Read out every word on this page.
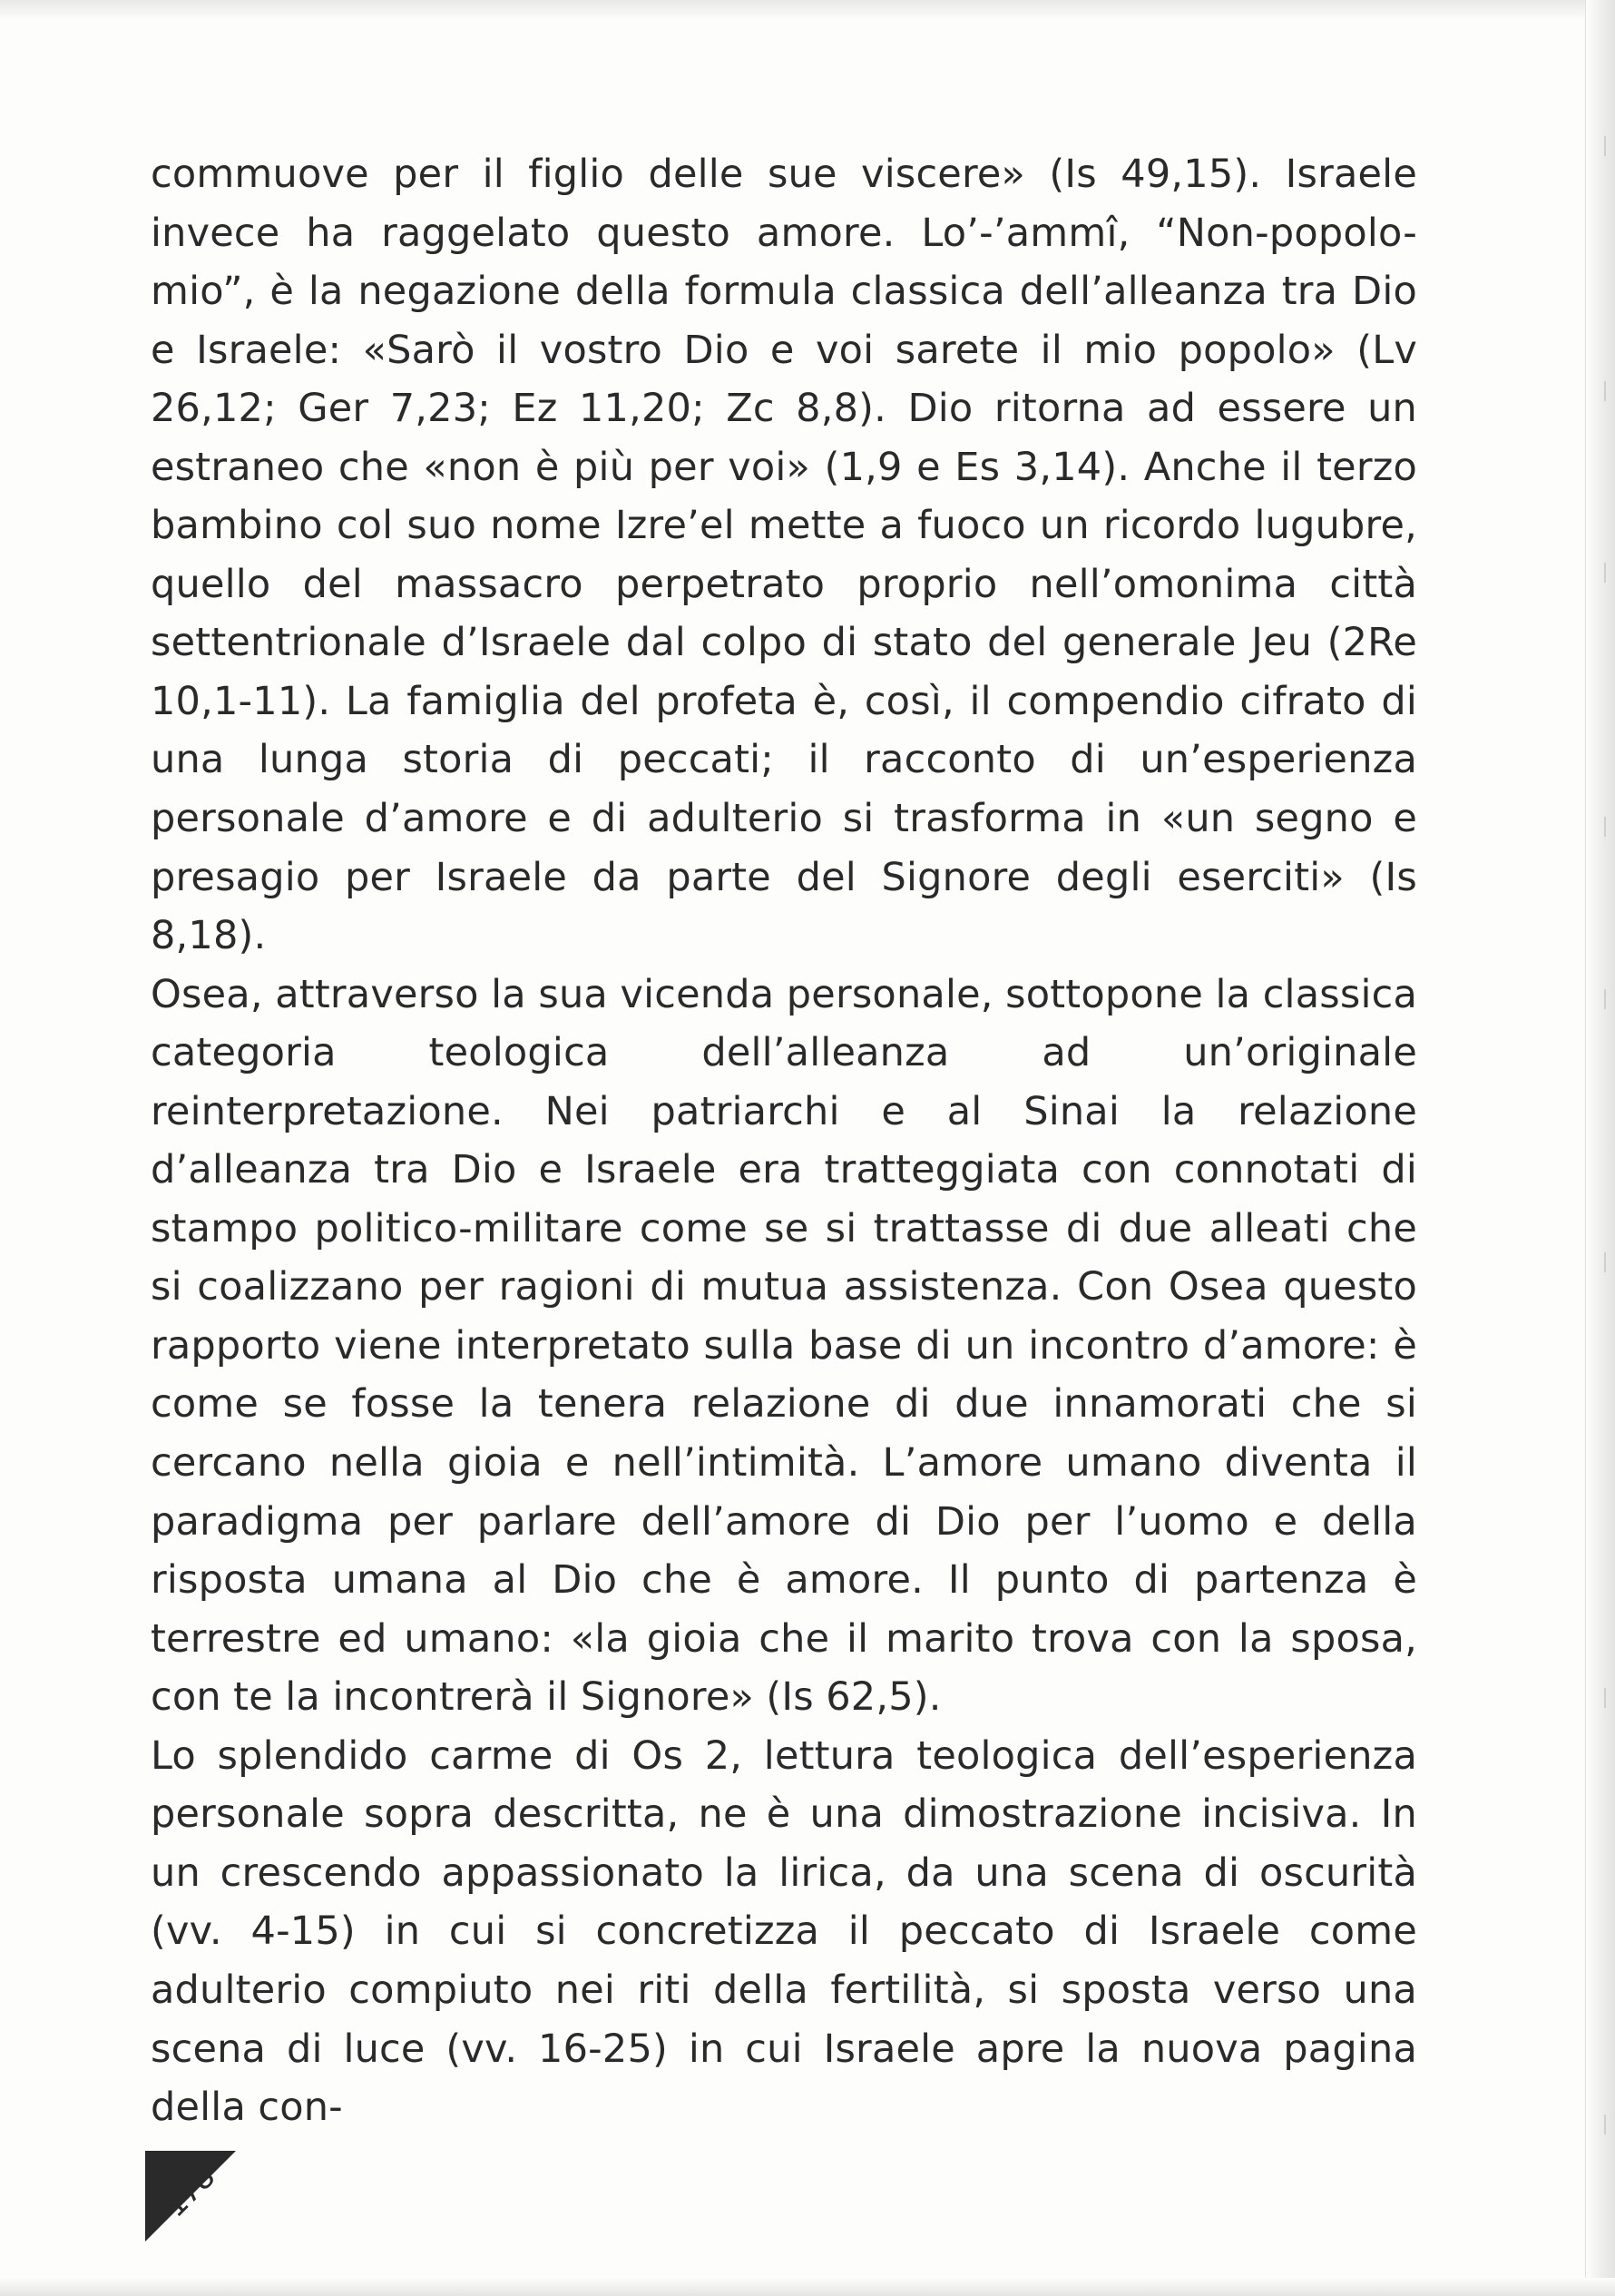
commuove per il figlio delle sue viscere» (Is 49,15). Israele invece ha raggelato questo amore. Lo’-’ammî, “Non-popolo-mio”, è la negazione della formula classica dell’alleanza tra Dio e Israele: «Sarò il vostro Dio e voi sarete il mio popolo» (Lv 26,12; Ger 7,23; Ez 11,20; Zc 8,8). Dio ritorna ad essere un estraneo che «non è più per voi» (1,9 e Es 3,14). Anche il terzo bambino col suo nome Izre’el mette a fuoco un ricordo lugubre, quello del massacro perpetrato proprio nell’omonima città settentrionale d’Israele dal colpo di stato del generale Jeu (2Re 10,1-11). La famiglia del profeta è, così, il compendio cifrato di una lunga storia di peccati; il racconto di un’esperienza personale d’amore e di adulterio si trasforma in «un segno e presagio per Israele da parte del Signore degli eserciti» (Is 8,18).

Osea, attraverso la sua vicenda personale, sottopone la classica categoria teologica dell’alleanza ad un’originale reinterpretazione. Nei patriarchi e al Sinai la relazione d’alleanza tra Dio e Israele era tratteggiata con connotati di stampo politico-militare come se si trattasse di due alleati che si coalizzano per ragioni di mutua assistenza. Con Osea questo rapporto viene interpretato sulla base di un incontro d’amore: è come se fosse la tenera relazione di due innamorati che si cercano nella gioia e nell’intimità. L’amore umano diventa il paradigma per parlare dell’amore di Dio per l’uomo e della risposta umana al Dio che è amore. Il punto di partenza è terrestre ed umano: «la gioia che il marito trova con la sposa, con te la incontrerà il Signore» (Is 62,5).

Lo splendido carme di Os 2, lettura teologica dell’esperienza personale sopra descritta, ne è una dimostrazione incisiva. In un crescendo appassionato la lirica, da una scena di oscurità (vv. 4-15) in cui si concretizza il peccato di Israele come adulterio compiuto nei riti della fertilità, si sposta verso una scena di luce (vv. 16-25) in cui Israele apre la nuova pagina della con-

178
